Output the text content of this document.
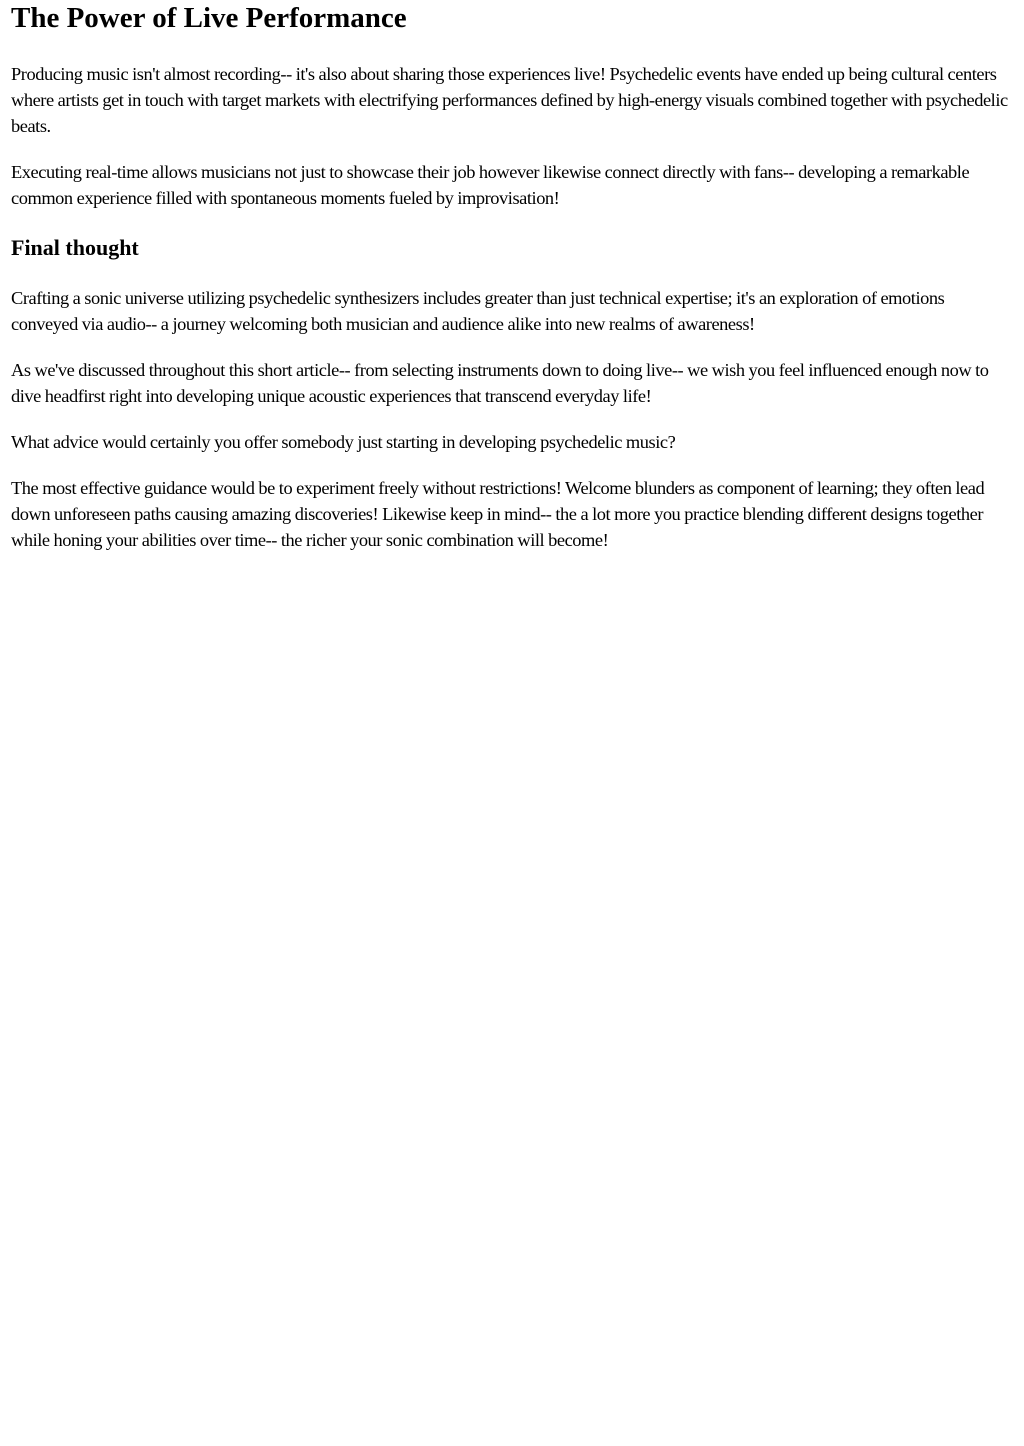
The Power of Live Performance

Producing music isn't almost recording-- it's also about sharing those experiences live! Psychedelic events have ended up being cultural centers where artists get in touch with target markets with electrifying performances defined by high-energy visuals combined together with psychedelic beats.

Executing real-time allows musicians not just to showcase their job however likewise connect directly with fans-- developing a remarkable common experience filled with spontaneous moments fueled by improvisation!

Final thought

Crafting a sonic universe utilizing psychedelic synthesizers includes greater than just technical expertise; it's an exploration of emotions conveyed via audio-- a journey welcoming both musician and audience alike into new realms of awareness!

As we've discussed throughout this short article-- from selecting instruments down to doing live-- we wish you feel influenced enough now to dive headfirst right into developing unique acoustic experiences that transcend everyday life!

What advice would certainly you offer somebody just starting in developing psychedelic music?

The most effective guidance would be to experiment freely without restrictions! Welcome blunders as component of learning; they often lead down unforeseen paths causing amazing discoveries! Likewise keep in mind-- the a lot more you practice blending different designs together while honing your abilities over time-- the richer your sonic combination will become!
